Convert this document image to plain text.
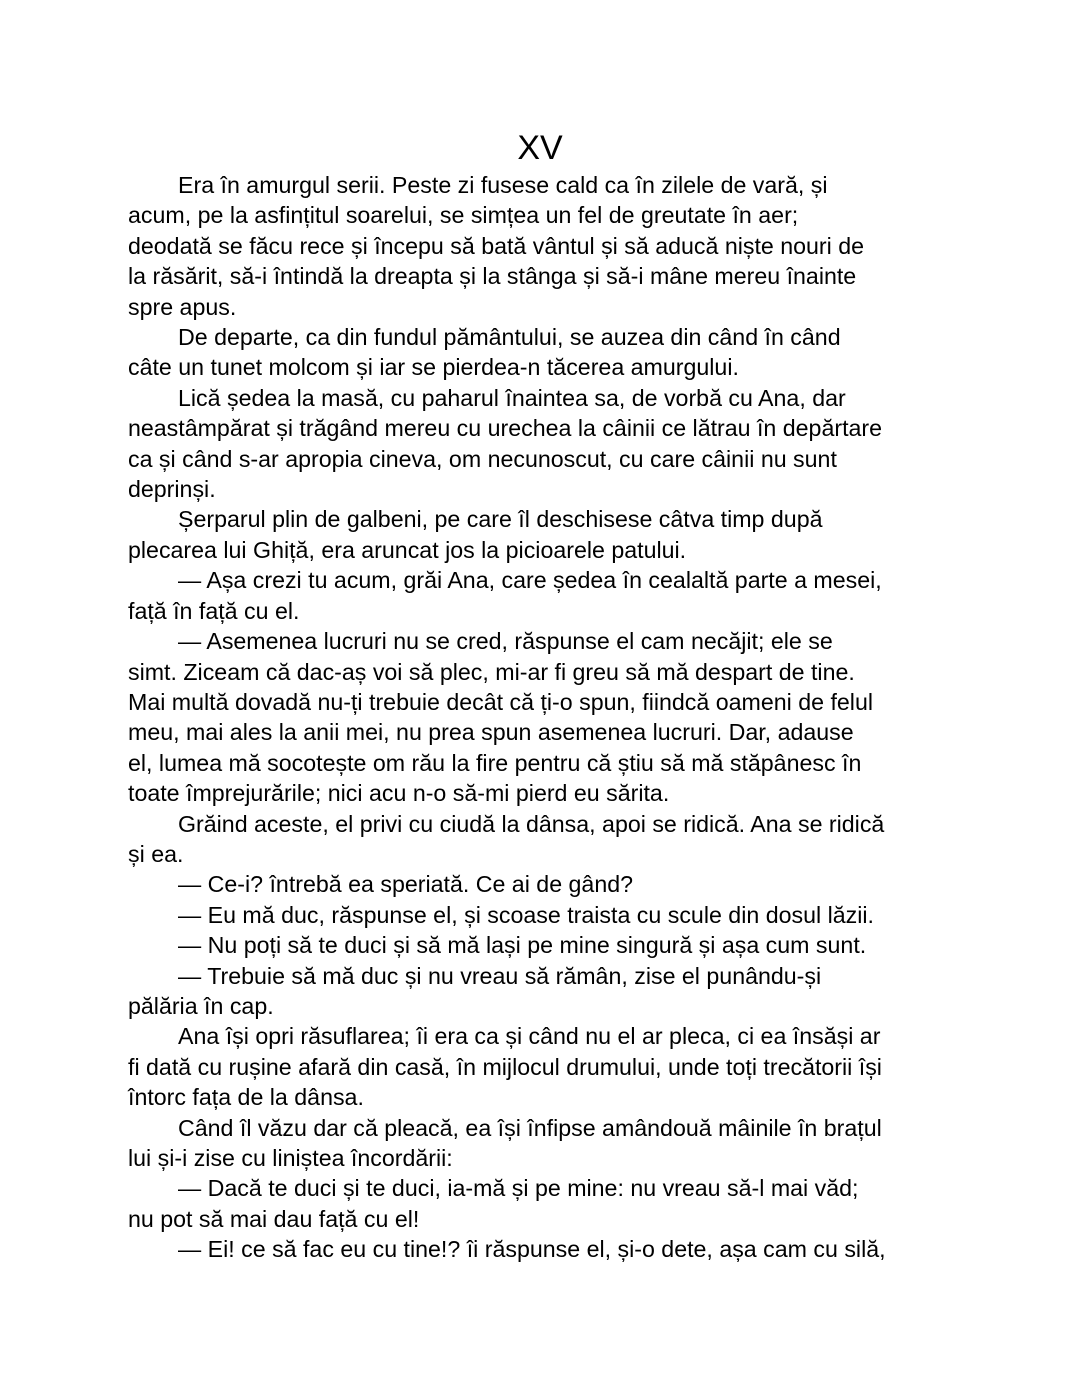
XV
Era în amurgul serii. Peste zi fusese cald ca în zilele de vară, și
acum, pe la asfințitul soarelui, se simțea un fel de greutate în aer;
deodată se făcu rece și începu să bată vântul și să aducă niște nouri de
la răsărit, să-i întindă la dreapta și la stânga și să-i mâne mereu înainte
spre apus.
De departe, ca din fundul pământului, se auzea din când în când
câte un tunet molcom și iar se pierdea-n tăcerea amurgului.
Lică ședea la masă, cu paharul înaintea sa, de vorbă cu Ana, dar
neastâmpărat și trăgând mereu cu urechea la câinii ce lătrau în depărtare
ca și când s-ar apropia cineva, om necunoscut, cu care câinii nu sunt
deprinși.
Șerparul plin de galbeni, pe care îl deschisese câtva timp după
plecarea lui Ghiță, era aruncat jos la picioarele patului.
— Așa crezi tu acum, grăi Ana, care ședea în cealaltă parte a mesei,
față în față cu el.
— Asemenea lucruri nu se cred, răspunse el cam necăjit; ele se
simt. Ziceam că dac-aș voi să plec, mi-ar fi greu să mă despart de tine.
Mai multă dovadă nu-ți trebuie decât că ți-o spun, fiindcă oameni de felul
meu, mai ales la anii mei, nu prea spun asemenea lucruri. Dar, adause
el, lumea mă socotește om rău la fire pentru că știu să mă stăpânesc în
toate împrejurările; nici acu n-o să-mi pierd eu sărita.
Grăind aceste, el privi cu ciudă la dânsa, apoi se ridică. Ana se ridică
și ea.
— Ce-i? întrebă ea speriată. Ce ai de gând?
— Eu mă duc, răspunse el, și scoase traista cu scule din dosul lăzii.
— Nu poți să te duci și să mă lași pe mine singură și așa cum sunt.
— Trebuie să mă duc și nu vreau să rămân, zise el punându-și
pălăria în cap.
Ana își opri răsuflarea; îi era ca și când nu el ar pleca, ci ea însăși ar
fi dată cu rușine afară din casă, în mijlocul drumului, unde toți trecătorii își
întorc fața de la dânsa.
Când îl văzu dar că pleacă, ea își înfipse amândouă mâinile în brațul
lui și-i zise cu liniștea încordării:
— Dacă te duci și te duci, ia-mă și pe mine: nu vreau să-l mai văd;
nu pot să mai dau față cu el!
— Ei! ce să fac eu cu tine!? îi răspunse el, și-o dete, așa cam cu silă,
